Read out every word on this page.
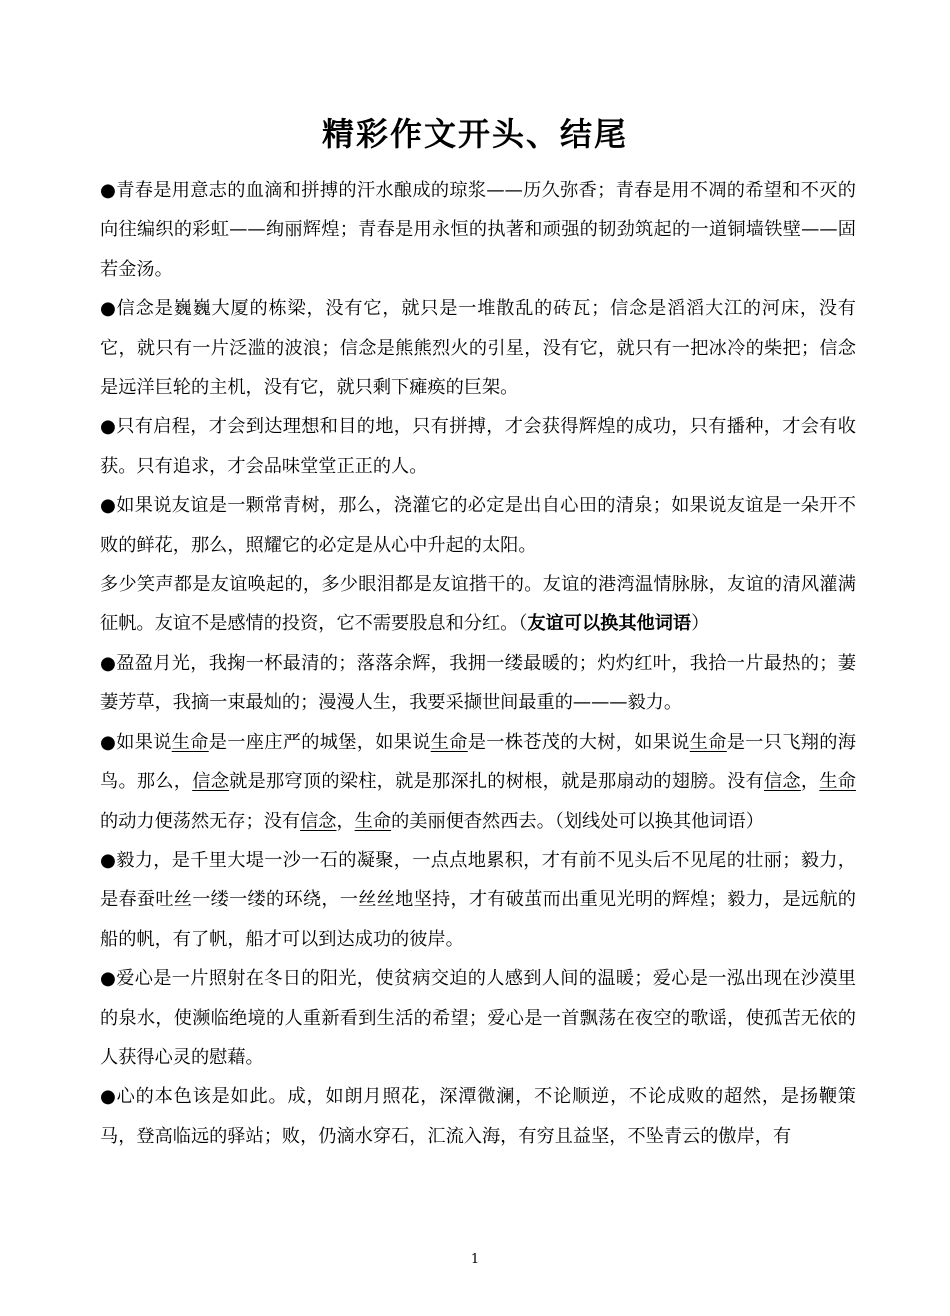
精彩作文开头、结尾

●青春是用意志的血滴和拼搏的汗水酿成的琼浆——历久弥香；青春是用不凋的希望和不灭的向往编织的彩虹——绚丽辉煌；青春是用永恒的执著和顽强的韧劲筑起的一道铜墙铁壁——固若金汤。

●信念是巍巍大厦的栋梁，没有它，就只是一堆散乱的砖瓦；信念是滔滔大江的河床，没有它，就只有一片泛滥的波浪；信念是熊熊烈火的引星，没有它，就只有一把冰冷的柴把；信念是远洋巨轮的主机，没有它，就只剩下瘫痪的巨架。

●只有启程，才会到达理想和目的地，只有拼搏，才会获得辉煌的成功，只有播种，才会有收获。只有追求，才会品味堂堂正正的人。

●如果说友谊是一颗常青树，那么，浇灌它的必定是出自心田的清泉；如果说友谊是一朵开不败的鲜花，那么，照耀它的必定是从心中升起的太阳。

多少笑声都是友谊唤起的，多少眼泪都是友谊揩干的。友谊的港湾温情脉脉，友谊的清风灌满征帆。友谊不是感情的投资，它不需要股息和分红。（友谊可以换其他词语）

●盈盈月光，我掬一杯最清的；落落余辉，我拥一缕最暖的；灼灼红叶，我拾一片最热的；萋萋芳草，我摘一束最灿的；漫漫人生，我要采撷世间最重的———毅力。

●如果说生命是一座庄严的城堡，如果说生命是一株苍茂的大树，如果说生命是一只飞翔的海鸟。那么，信念就是那穹顶的梁柱，就是那深扎的树根，就是那扇动的翅膀。没有信念，生命的动力便荡然无存；没有信念，生命的美丽便杳然西去。（划线处可以换其他词语）

●毅力，是千里大堤一沙一石的凝聚，一点点地累积，才有前不见头后不见尾的壮丽；毅力，是春蚕吐丝一缕一缕的环绕，一丝丝地坚持，才有破茧而出重见光明的辉煌；毅力，是远航的船的帆，有了帆，船才可以到达成功的彼岸。

●爱心是一片照射在冬日的阳光，使贫病交迫的人感到人间的温暖；爱心是一泓出现在沙漠里的泉水，使濒临绝境的人重新看到生活的希望；爱心是一首飘荡在夜空的歌谣，使孤苦无依的人获得心灵的慰藉。

●心的本色该是如此。成，如朗月照花，深潭微澜，不论顺逆，不论成败的超然，是扬鞭策马，登高临远的驿站；败，仍滴水穿石，汇流入海，有穷且益坚，不坠青云的傲岸，有

1
